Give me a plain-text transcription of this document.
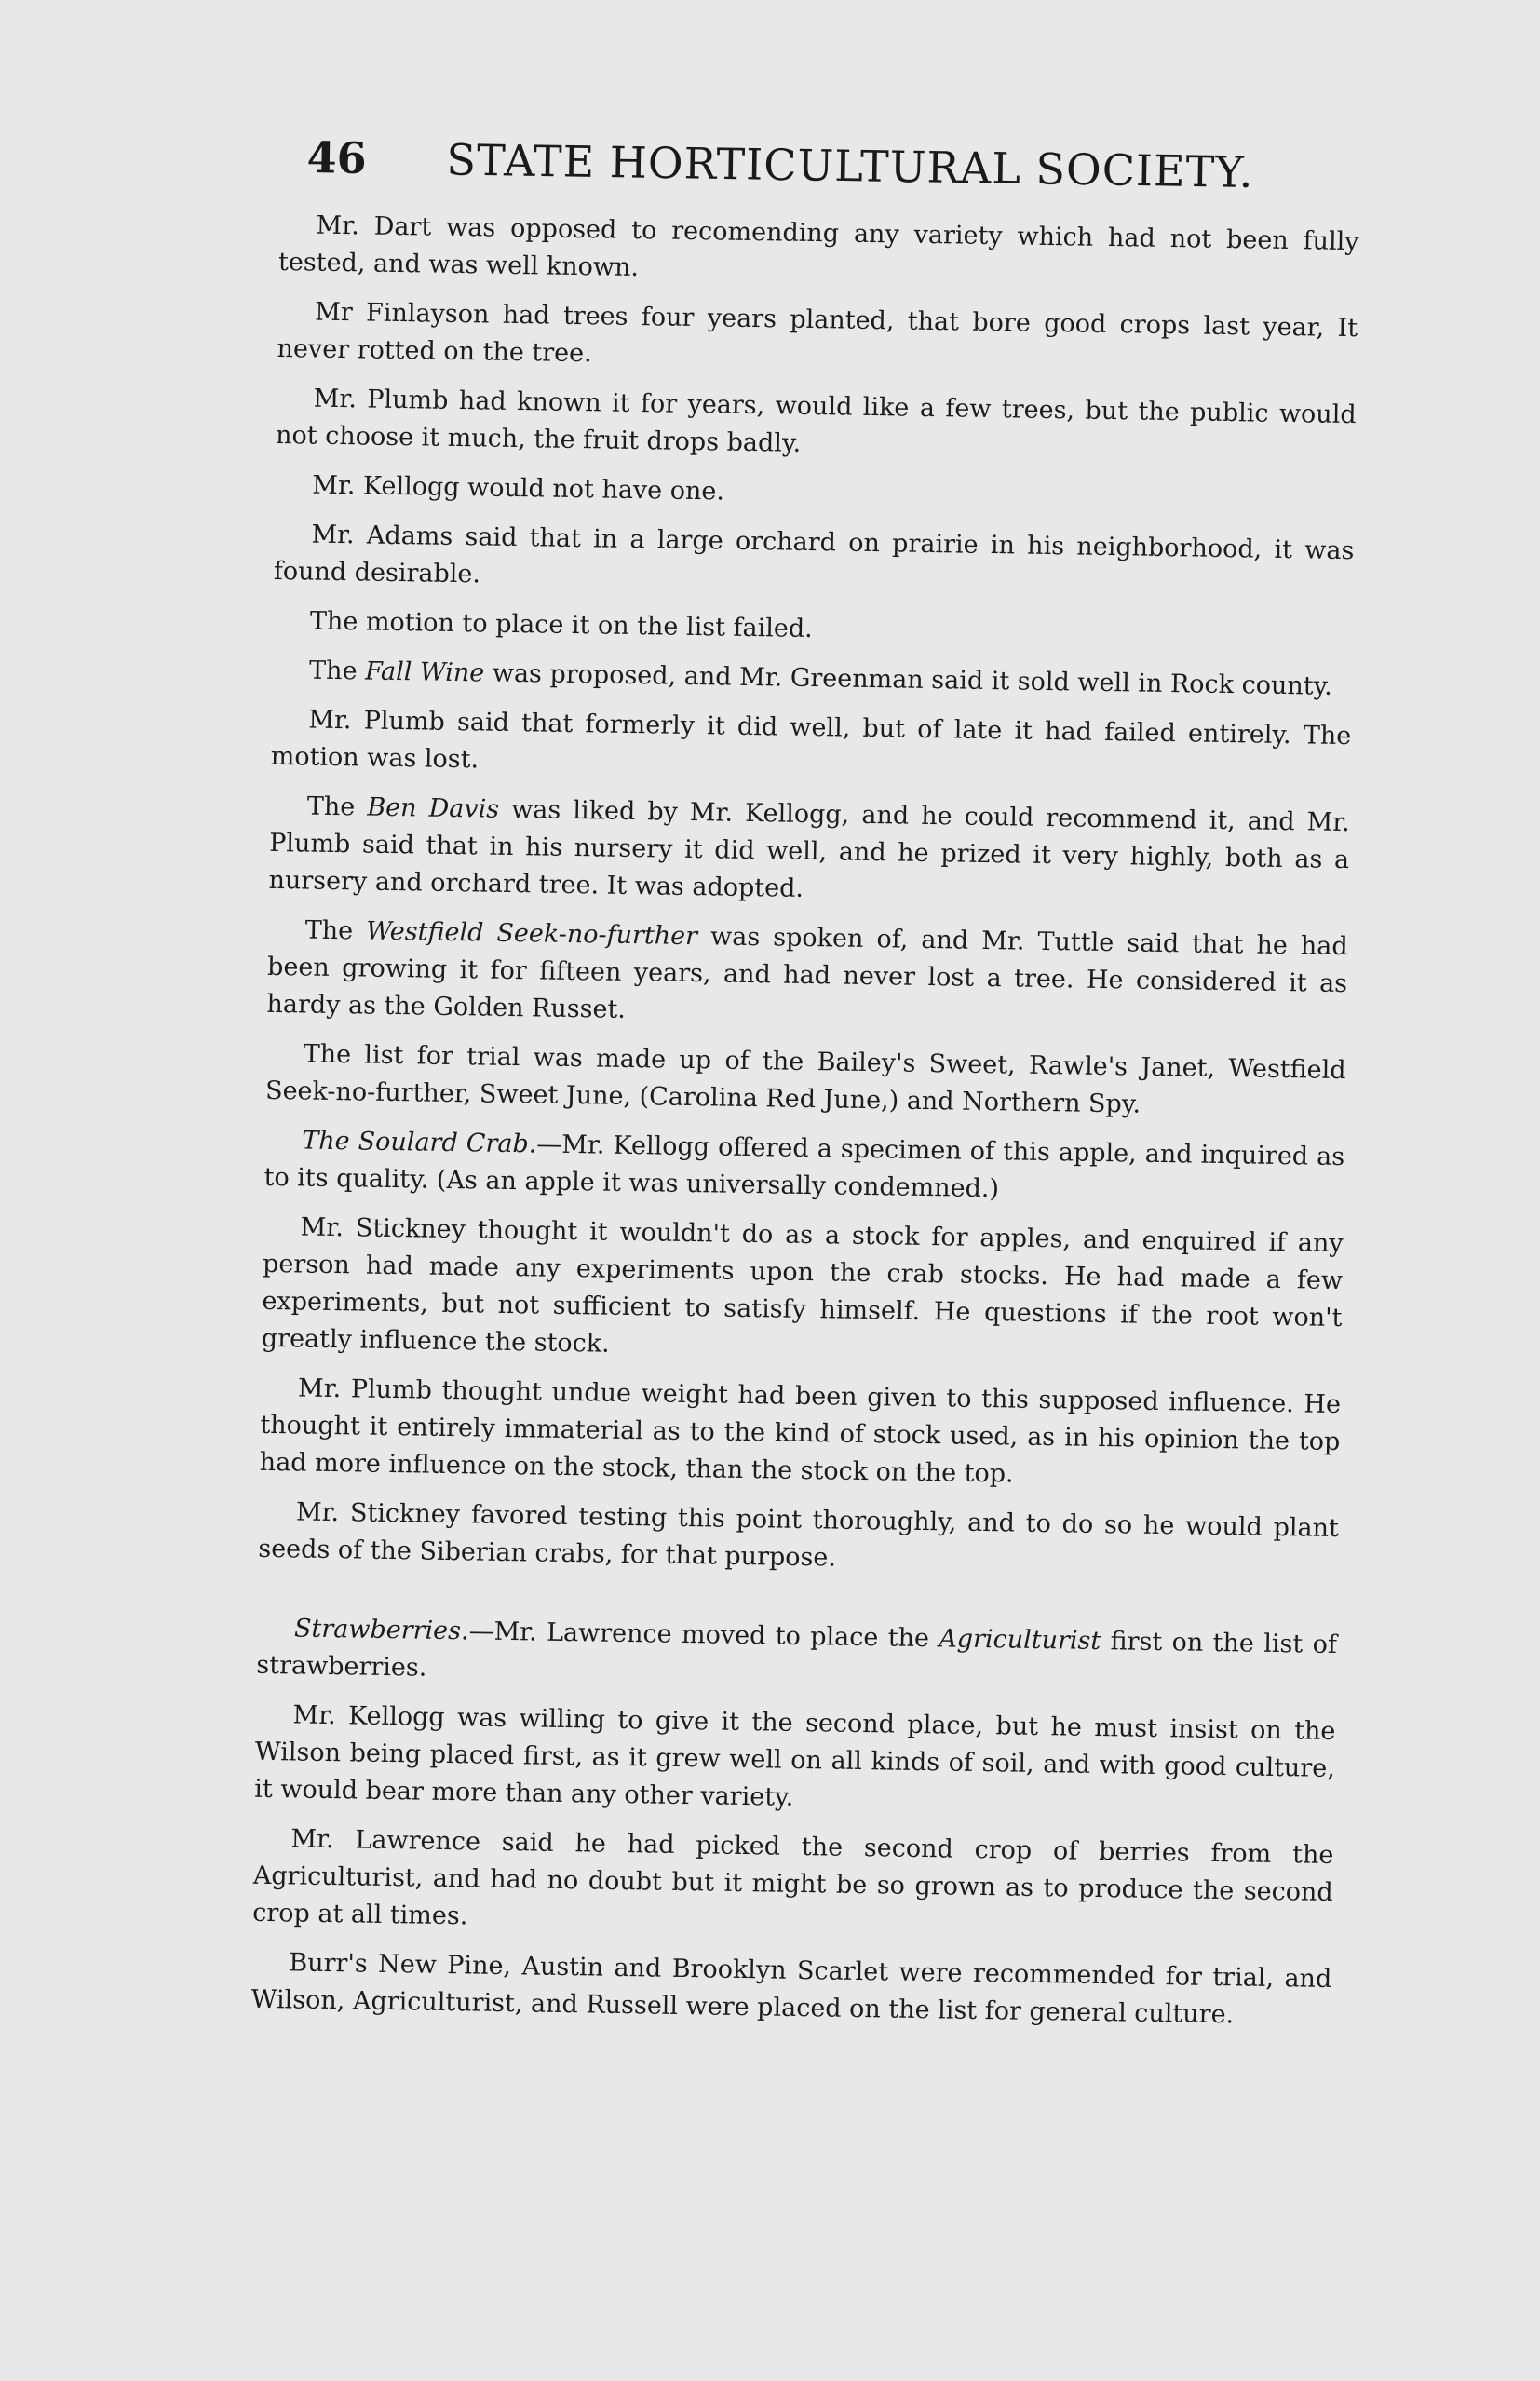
46 STATE HORTICULTURAL SOCIETY.

Mr. Dart was opposed to recomending any variety which had not been fully tested, and was well known.

Mr Finlayson had trees four years planted, that bore good crops last year, It never rotted on the tree.

Mr. Plumb had known it for years, would like a few trees, but the public would not choose it much, the fruit drops badly.

Mr. Kellogg would not have one.

Mr. Adams said that in a large orchard on prairie in his neighborhood, it was found desirable.

The motion to place it on the list failed.

The Fall Wine was proposed, and Mr. Greenman said it sold well in Rock county.

Mr. Plumb said that formerly it did well, but of late it had failed entirely. The motion was lost.

The Ben Davis was liked by Mr. Kellogg, and he could recommend it, and Mr. Plumb said that in his nursery it did well, and he prized it very highly, both as a nursery and orchard tree. It was adopted.

The Westfield Seek-no-further was spoken of, and Mr. Tuttle said that he had been growing it for fifteen years, and had never lost a tree. He considered it as hardy as the Golden Russet.

The list for trial was made up of the Bailey's Sweet, Rawle's Janet, Westfield Seek-no-further, Sweet June, (Carolina Red June,) and Northern Spy.

The Soulard Crab.—Mr. Kellogg offered a specimen of this apple, and inquired as to its quality. (As an apple it was universally condemned.)

Mr. Stickney thought it wouldn't do as a stock for apples, and enquired if any person had made any experiments upon the crab stocks. He had made a few experiments, but not sufficient to satisfy himself. He questions if the root won't greatly influence the stock.

Mr. Plumb thought undue weight had been given to this supposed influence. He thought it entirely immaterial as to the kind of stock used, as in his opinion the top had more influence on the stock, than the stock on the top.

Mr. Stickney favored testing this point thoroughly, and to do so he would plant seeds of the Siberian crabs, for that purpose.

Strawberries.—Mr. Lawrence moved to place the Agriculturist first on the list of strawberries.

Mr. Kellogg was willing to give it the second place, but he must insist on the Wilson being placed first, as it grew well on all kinds of soil, and with good culture, it would bear more than any other variety.

Mr. Lawrence said he had picked the second crop of berries from the Agriculturist, and had no doubt but it might be so grown as to produce the second crop at all times.

Burr's New Pine, Austin and Brooklyn Scarlet were recommended for trial, and Wilson, Agriculturist, and Russell were placed on the list for general culture.
